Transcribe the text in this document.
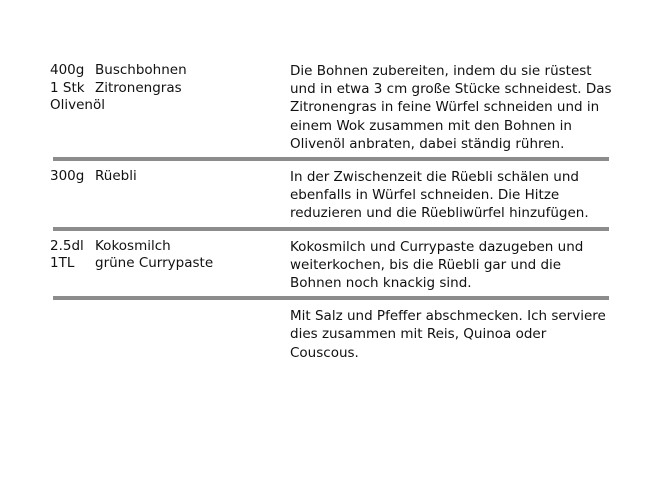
400g Buschbohnen
1 Stk Zitronengras
Olivenöl
Die Bohnen zubereiten, indem du sie rüstest und in etwa 3 cm große Stücke schneidest. Das Zitronengras in feine Würfel schneiden und in einem Wok zusammen mit den Bohnen in Olivenöl anbraten, dabei ständig rühren.
300g Rüebli	In der Zwischenzeit die Rüebli schälen und ebenfalls in Würfel schneiden. Die Hitze reduzieren und die Rüebliwürfel hinzufügen.
2.5dl Kokosmilch
1TL	grüne Currypaste
Kokosmilch und Currypaste dazugeben und weiterkochen, bis die Rüebli gar und die Bohnen noch knackig sind.
Mit Salz und Pfeffer abschmecken. Ich serviere dies zusammen mit Reis, Quinoa oder Couscous.
